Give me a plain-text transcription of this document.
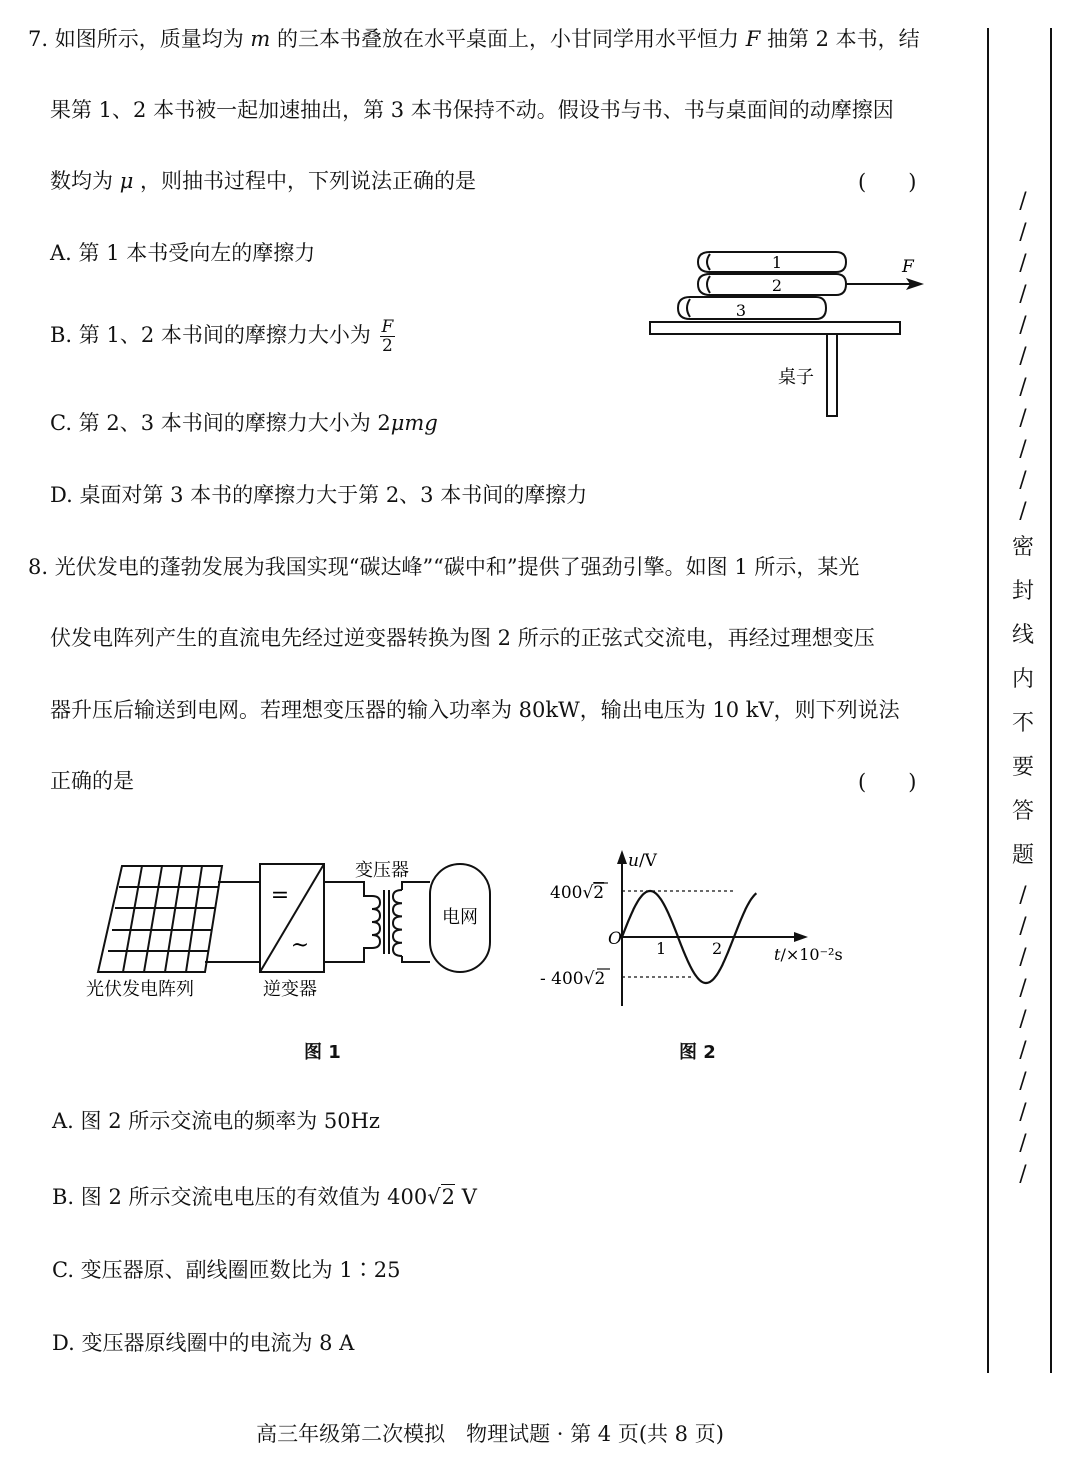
7. 如图所示，质量均为 m 的三本书叠放在水平桌面上，小甘同学用水平恒力 F 抽第 2 本书，结
果第 1、2 本书被一起加速抽出，第 3 本书保持不动。假设书与书、书与桌面间的动摩擦因
数均为 μ ，则抽书过程中，下列说法正确的是	(　　)
A. 第 1 本书受向左的摩擦力
B. 第 1、2 本书间的摩擦力大小为 $\frac{F}{2}$
C. 第 2、3 本书间的摩擦力大小为 2μmg
D. 桌面对第 3 本书的摩擦力大于第 2、3 本书间的摩擦力
1
2
3
F
桌子
8. 光伏发电的蓬勃发展为我国实现“碳达峰”“碳中和”提供了强劲引擎。如图 1 所示，某光
伏发电阵列产生的直流电先经过逆变器转换为图 2 所示的正弦式交流电，再经过理想变压
器升压后输送到电网。若理想变压器的输入功率为 80kW，输出电压为 10 kV，则下列说法
正确的是	(　　)
光伏发电阵列
=
~
逆变器
变压器
电网
图 1
u/V
400√2
O
- 400√2
1	2	t/×10⁻²s
图 2
A. 图 2 所示交流电的频率为 50Hz
B. 图 2 所示交流电电压的有效值为 400√2 V
C. 变压器原、副线圈匝数比为 1∶25
D. 变压器原线圈中的电流为 8 A
/
/
/
/
/
/
/
/
/
/
/
密
封
线
内
不
要
答
题
/
/
/
/
/
/
/
/
/
/
高三年级第二次模拟　物理试题 · 第 4 页(共 8 页)
